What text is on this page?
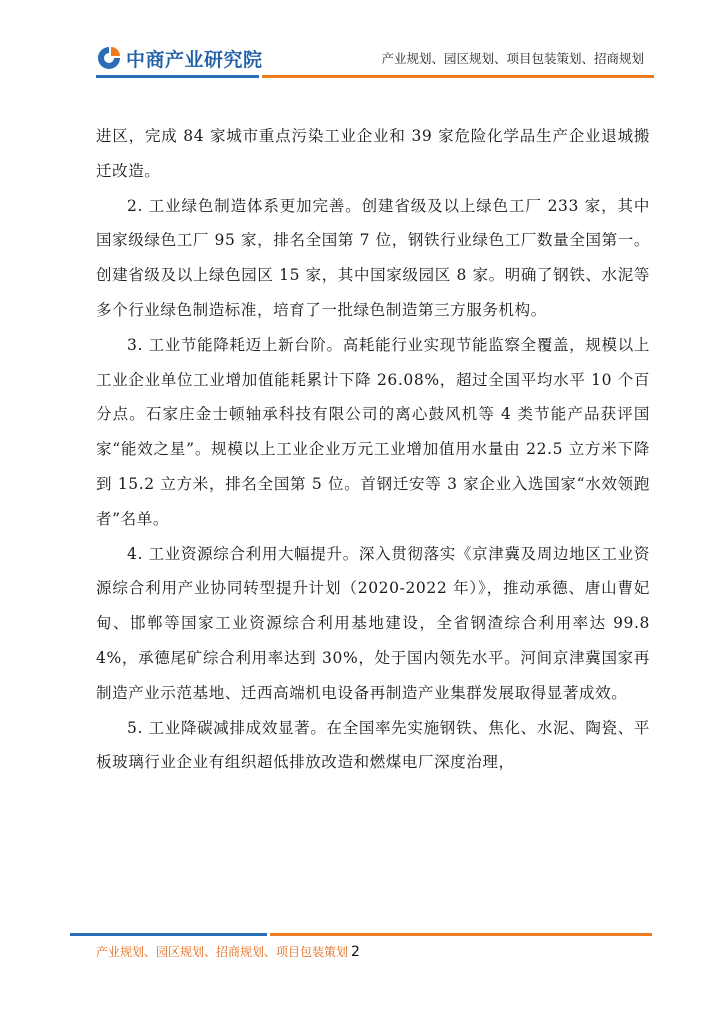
中商产业研究院	产业规划、园区规划、项目包装策划、招商规划

进区，完成 84 家城市重点污染工业企业和 39 家危险化学品生产企业退城搬迁改造。

2. 工业绿色制造体系更加完善。创建省级及以上绿色工厂 233 家，其中国家级绿色工厂 95 家，排名全国第 7 位，钢铁行业绿色工厂数量全国第一。创建省级及以上绿色园区 15 家，其中国家级园区 8 家。明确了钢铁、水泥等多个行业绿色制造标准，培育了一批绿色制造第三方服务机构。

3. 工业节能降耗迈上新台阶。高耗能行业实现节能监察全覆盖，规模以上工业企业单位工业增加值能耗累计下降 26.08%，超过全国平均水平 10 个百分点。石家庄金士顿轴承科技有限公司的离心鼓风机等 4 类节能产品获评国家“能效之星”。规模以上工业企业万元工业增加值用水量由 22.5 立方米下降到 15.2 立方米，排名全国第 5 位。首钢迁安等 3 家企业入选国家“水效领跑者”名单。

4. 工业资源综合利用大幅提升。深入贯彻落实《京津冀及周边地区工业资源综合利用产业协同转型提升计划（2020-2022 年）》，推动承德、唐山曹妃甸、邯郸等国家工业资源综合利用基地建设，全省钢渣综合利用率达 99.84%，承德尾矿综合利用率达到 30%，处于国内领先水平。河间京津冀国家再制造产业示范基地、迁西高端机电设备再制造产业集群发展取得显著成效。

5. 工业降碳减排成效显著。在全国率先实施钢铁、焦化、水泥、陶瓷、平板玻璃行业企业有组织超低排放改造和燃煤电厂深度治理，

产业规划、园区规划、招商规划、项目包装策划 2
